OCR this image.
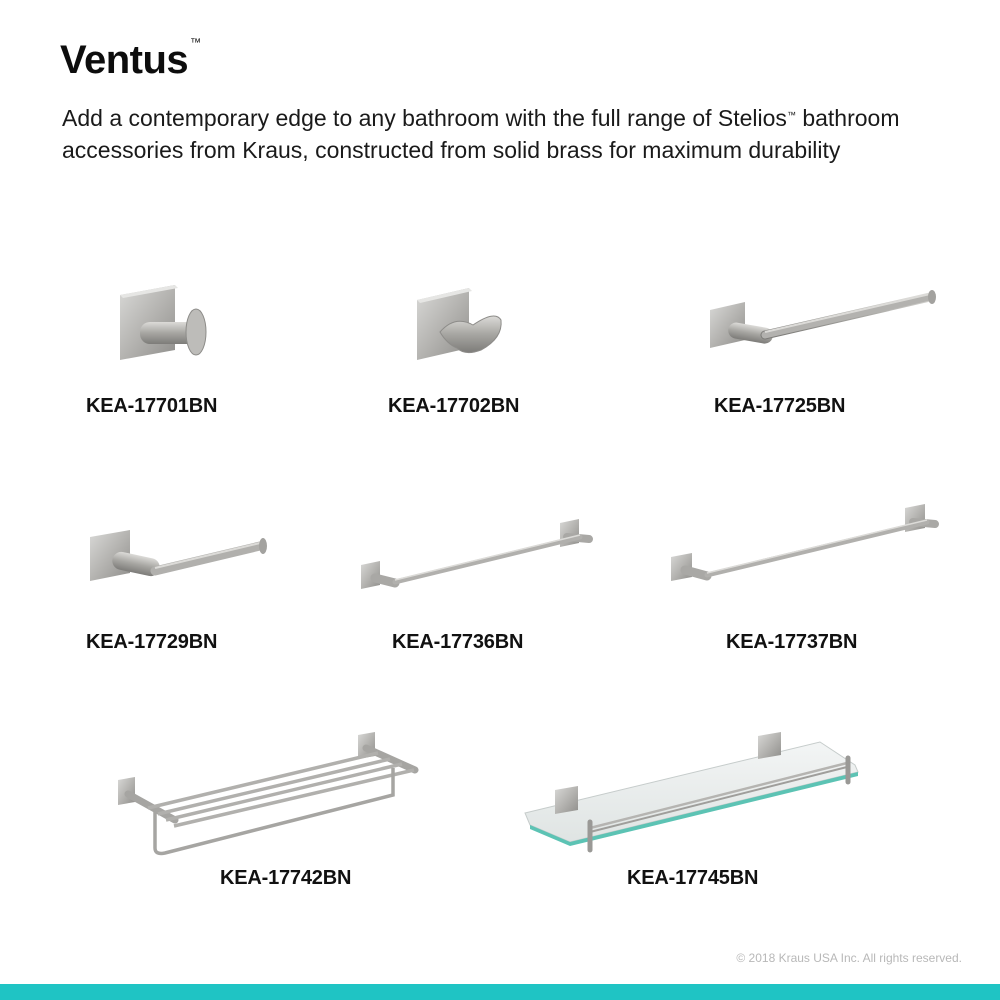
Ventus ™
Add a contemporary edge to any bathroom with the full range of Stelios™ bathroom accessories from Kraus, constructed from solid brass for maximum durability
KEA-17701BN	KEA-17702BN	KEA-17725BN
KEA-17729BN	KEA-17736BN	KEA-17737BN
KEA-17742BN	KEA-17745BN
© 2018 Kraus USA Inc. All rights reserved.
